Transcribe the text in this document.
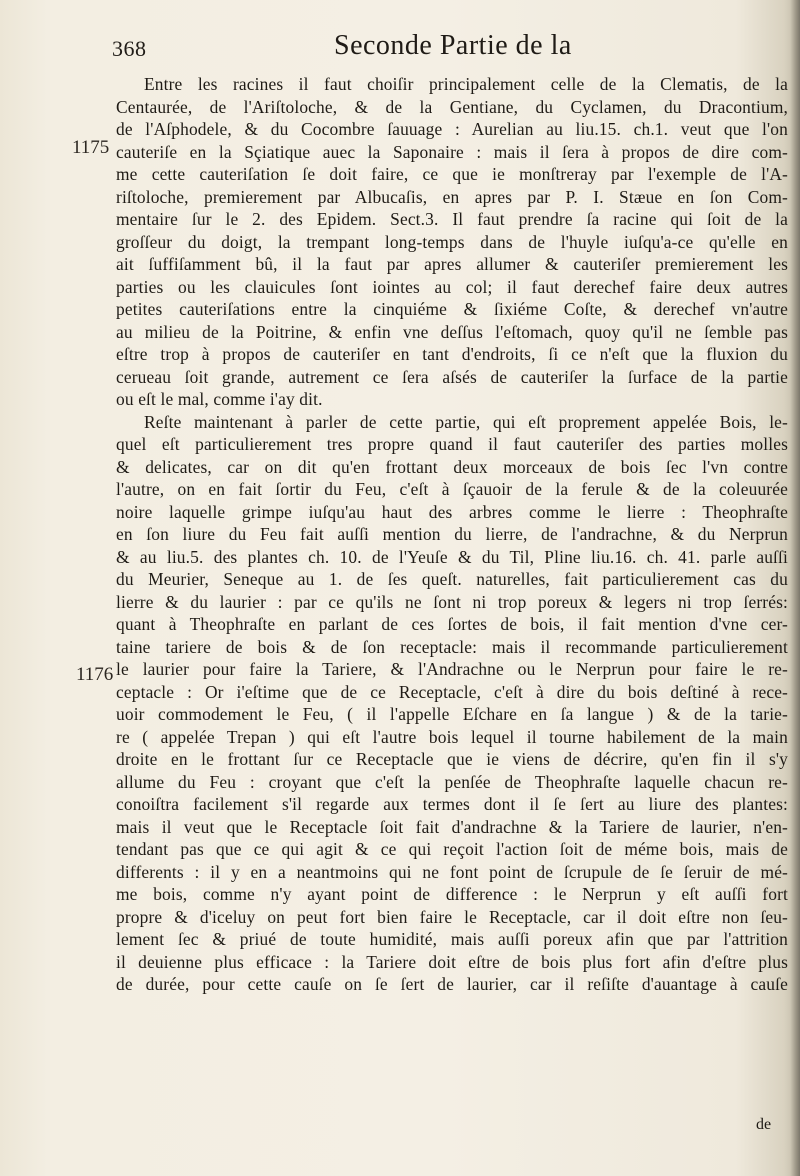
368	Seconde Partie de la
1175
1176
Entre les racines il faut choiſir principalement celle de la Clematis, de la
Centaurée, de l'Ariſtoloche, & de la Gentiane, du Cyclamen, du Dracontium,
de l'Aſphodele, & du Cocombre ſauuage : Aurelian au liu.15. ch.1. veut que l'on
cauteriſe en la Sçiatique auec la Saponaire : mais il ſera à propos de dire com-
me cette cauteriſation ſe doit faire, ce que ie monſtreray par l'exemple de l'A-
riſtoloche, premierement par Albucaſis, en apres par P. I. Stæue en ſon Com-
mentaire ſur le 2. des Epidem. Sect.3. Il faut prendre ſa racine qui ſoit de la
groſſeur du doigt, la trempant long-temps dans de l'huyle iuſqu'a-ce qu'elle en
ait ſuffiſamment bû, il la faut par apres allumer & cauteriſer premierement les
parties ou les clauicules ſont iointes au col; il faut derechef faire deux autres
petites cauteriſations entre la cinquiéme & ſixiéme Coſte, & derechef vn'autre
au milieu de la Poitrine, & enfin vne deſſus l'eſtomach, quoy qu'il ne ſemble pas
eſtre trop à propos de cauteriſer en tant d'endroits, ſi ce n'eſt que la fluxion du
cerueau ſoit grande, autrement ce ſera aſsés de cauteriſer la ſurface de la partie
ou eſt le mal, comme i'ay dit.
Reſte maintenant à parler de cette partie, qui eſt proprement appelée Bois, le-
quel eſt particulierement tres propre quand il faut cauteriſer des parties molles
& delicates, car on dit qu'en frottant deux morceaux de bois ſec l'vn contre
l'autre, on en fait ſortir du Feu, c'eſt à ſçauoir de la ferule & de la coleuurée
noire laquelle grimpe iuſqu'au haut des arbres comme le lierre : Theophraſte
en ſon liure du Feu fait auſſi mention du lierre, de l'andrachne, & du Nerprun
& au liu.5. des plantes ch. 10. de l'Yeuſe & du Til, Pline liu.16. ch. 41. parle auſſi
du Meurier, Seneque au 1. de ſes queſt. naturelles, fait particulierement cas du
lierre & du laurier : par ce qu'ils ne ſont ni trop poreux & legers ni trop ſerrés:
quant à Theophraſte en parlant de ces ſortes de bois, il fait mention d'vne cer-
taine tariere de bois & de ſon receptacle: mais il recommande particulierement
le laurier pour faire la Tariere, & l'Andrachne ou le Nerprun pour faire le re-
ceptacle : Or i'eſtime que de ce Receptacle, c'eſt à dire du bois deſtiné à rece-
uoir commodement le Feu, ( il l'appelle Eſchare en ſa langue ) & de la tarie-
re ( appelée Trepan ) qui eſt l'autre bois lequel il tourne habilement de la main
droite en le frottant ſur ce Receptacle que ie viens de décrire, qu'en fin il s'y
allume du Feu : croyant que c'eſt la penſée de Theophraſte laquelle chacun re-
conoiſtra facilement s'il regarde aux termes dont il ſe ſert au liure des plantes:
mais il veut que le Receptacle ſoit fait d'andrachne & la Tariere de laurier, n'en-
tendant pas que ce qui agit & ce qui reçoit l'action ſoit de méme bois, mais de
differents : il y en a neantmoins qui ne font point de ſcrupule de ſe ſeruir de mé-
me bois, comme n'y ayant point de difference : le Nerprun y eſt auſſi fort
propre & d'iceluy on peut fort bien faire le Receptacle, car il doit eſtre non ſeu-
lement ſec & priué de toute humidité, mais auſſi poreux afin que par l'attrition
il deuienne plus efficace : la Tariere doit eſtre de bois plus fort afin d'eſtre plus
de durée, pour cette cauſe on ſe ſert de laurier, car il reſiſte d'auantage à cauſe
de
